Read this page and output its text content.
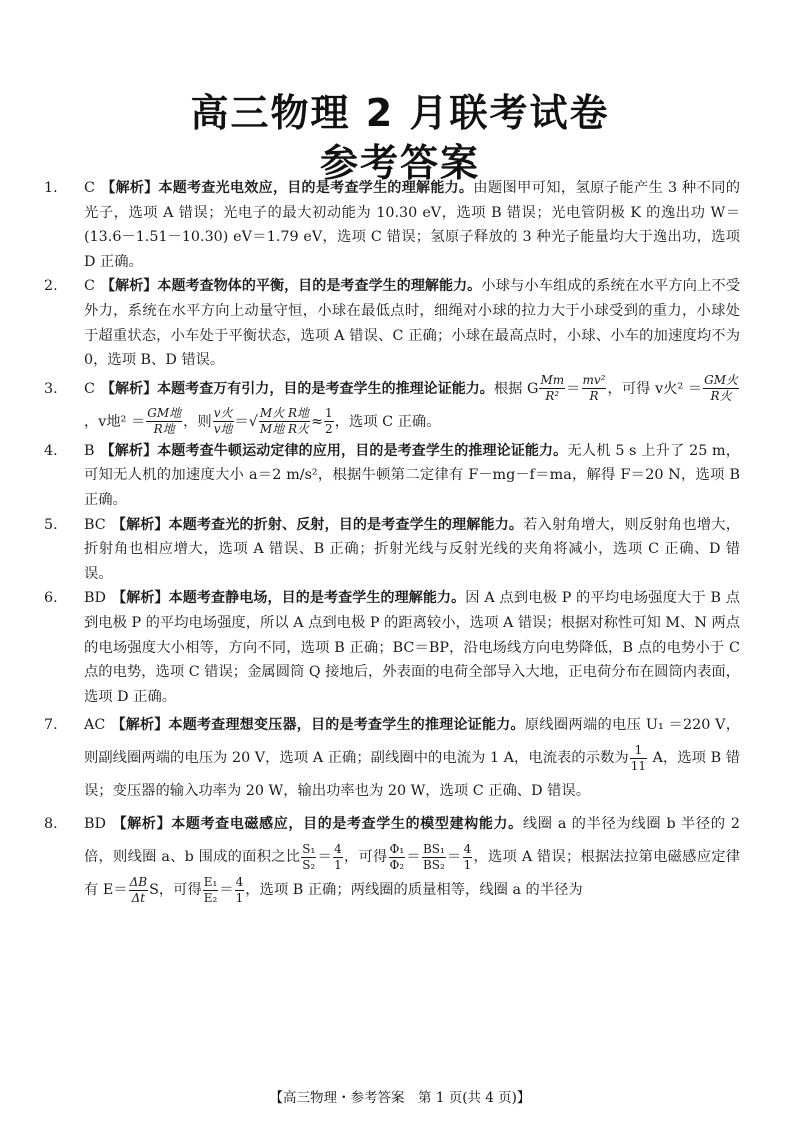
高三物理 2 月联考试卷
参考答案
1. C 【解析】本题考查光电效应，目的是考查学生的理解能力。由题图甲可知，氢原子能产生 3 种不同的光子，选项 A 错误；光电子的最大初动能为 10.30 eV，选项 B 错误；光电管阴极 K 的逸出功 W＝(13.6－1.51－10.30) eV＝1.79 eV，选项 C 错误；氢原子释放的 3 种光子能量均大于逸出功，选项 D 正确。
2. C 【解析】本题考查物体的平衡，目的是考查学生的理解能力。小球与小车组成的系统在水平方向上不受外力，系统在水平方向上动量守恒，小球在最低点时，细绳对小球的拉力大于小球受到的重力，小球处于超重状态，小车处于平衡状态，选项 A 错误、C 正确；小球在最高点时，小球、小车的加速度均不为 0，选项 B、D 错误。
3. C 【解析】本题考查万有引力，目的是考查学生的推理论证能力。根据 G $\frac{Mm}{\text{R²}} = \frac{\text{mv²}}{R}$ ，可得 v火² ＝
GM火
R火
，v地² ＝
GM地
R地 ，则
v火
v地 ＝√
M火 R地
M地 R火 ≈ $\frac{1}{2}$ ，选项 C 正确。
4. B 【解析】本题考查牛顿运动定律的应用，目的是考查学生的推理论证能力。无人机 5 s 上升了 25 m，可知无人机的加速度大小 a＝2 m/s²，根据牛顿第二定律有 F－mg－f＝ma，解得 F＝20 N，选项 B 正确。
5. BC 【解析】本题考查光的折射、反射，目的是考查学生的理解能力。若入射角增大，则反射角也增大，折射角也相应增大，选项 A 错误、B 正确；折射光线与反射光线的夹角将减小，选项 C 正确、D 错误。
6. BD 【解析】本题考查静电场，目的是考查学生的理解能力。因 A 点到电极 P 的平均电场强度大于 B 点到电极 P 的平均电场强度，所以 A 点到电极 P 的距离较小，选项 A 错误；根据对称性可知 M、N 两点的电场强度大小相等，方向不同，选项 B 正确；BC＝BP，沿电场线方向电势降低，B 点的电势小于 C 点的电势，选项 C 错误；金属圆筒 Q 接地后，外表面的电荷全部导入大地，正电荷分布在圆筒内表面，选项 D 正确。
7. AC 【解析】本题考查理想变压器，目的是考查学生的推理论证能力。原线圈两端的电压 U₁ ＝220 V，则副线圈两端的电压为 20 V，选项 A 正确；副线圈中的电流为 1 A，电流表的示数为 $\frac{1}{11}$ A，选项 B 错误；变压器的输入功率为 20 W，输出功率也为 20 W，选项 C 正确、D 错误。
8. BD 【解析】本题考查电磁感应，目的是考查学生的模型建构能力。线圈 a 的半径为线圈 b 半径的 2 倍，则线圈 a、b 围成的面积之比 $\frac{\text{S₁}}{\text{S₂}} = \frac{4}{1}$ ，可得 $\frac{\text{Φ₁}}{\text{Φ₂}} = \frac{\text{BS₁}}{\text{BS₂}} = \frac{4}{1}$ ，选项 A 错误；根据法拉第电磁感应定律有 $E= \frac{\Delta B}{\Delta t}$ S，可得 $\frac{\text{E₁}}{\text{E₂}} = \frac{4}{1}$ ，选项 B 正确；两线圈的质量相等，线圈 a 的半径为
【高三物理・参考答案　第 1 页(共 4 页)】
